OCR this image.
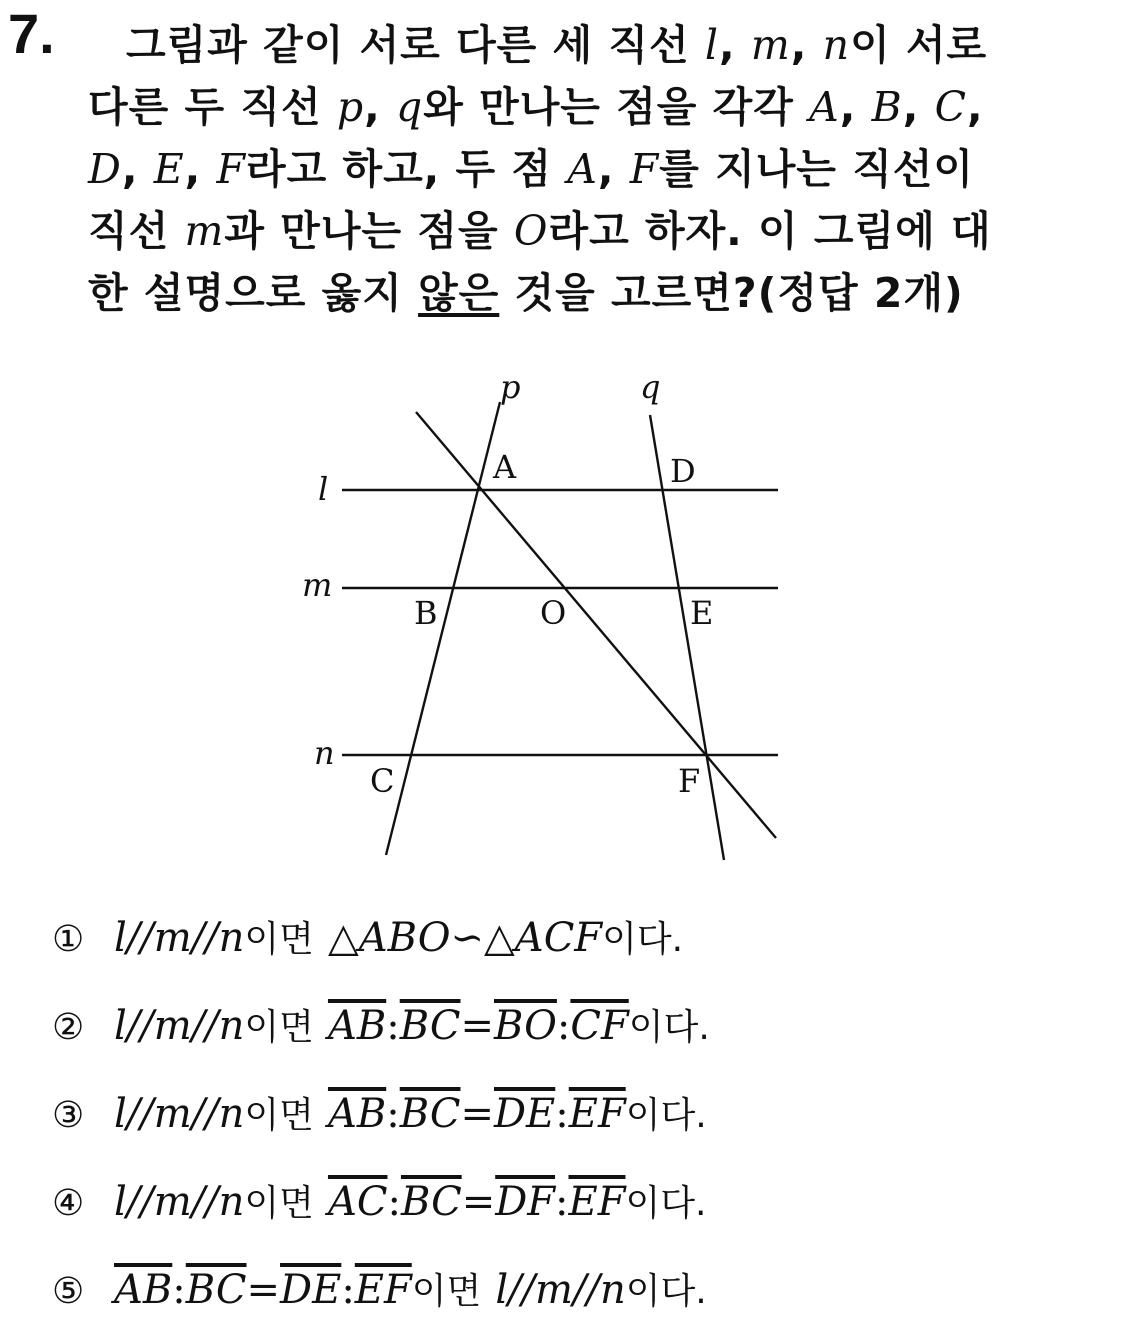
7.	그림과 같이 서로 다른 세 직선 l, m, n이 서로
다른 두 직선 p, q와 만나는 점을 각각 A, B, C,
D, E, F라고 하고, 두 점 A, F를 지나는 직선이
직선 m과 만나는 점을 O라고 하자. 이 그림에 대
한 설명으로 옳지 않은 것을 고르면?(정답 2개)
p	q
l
m
n
A	D
B	O	E
C	F
① l//m//n 이면 △ABO∽△ACF 이다.
② l//m//n 이면 $\overline{AB}$ : $\overline{BC} = \overline{BO}$ : $\overline{CF}$ 이다.
③ l//m//n 이면 $\overline{AB}$ : $\overline{BC} = \overline{DE}$ : $\overline{EF}$ 이다.
④ l//m//n 이면 $\overline{AC}$ : $\overline{BC} = \overline{DF}$ : $\overline{EF}$ 이다.
⑤ $\overline{AB}$ : $\overline{BC} = \overline{DE}$ : $\overline{EF}$ 이면 l//m//n 이다.
